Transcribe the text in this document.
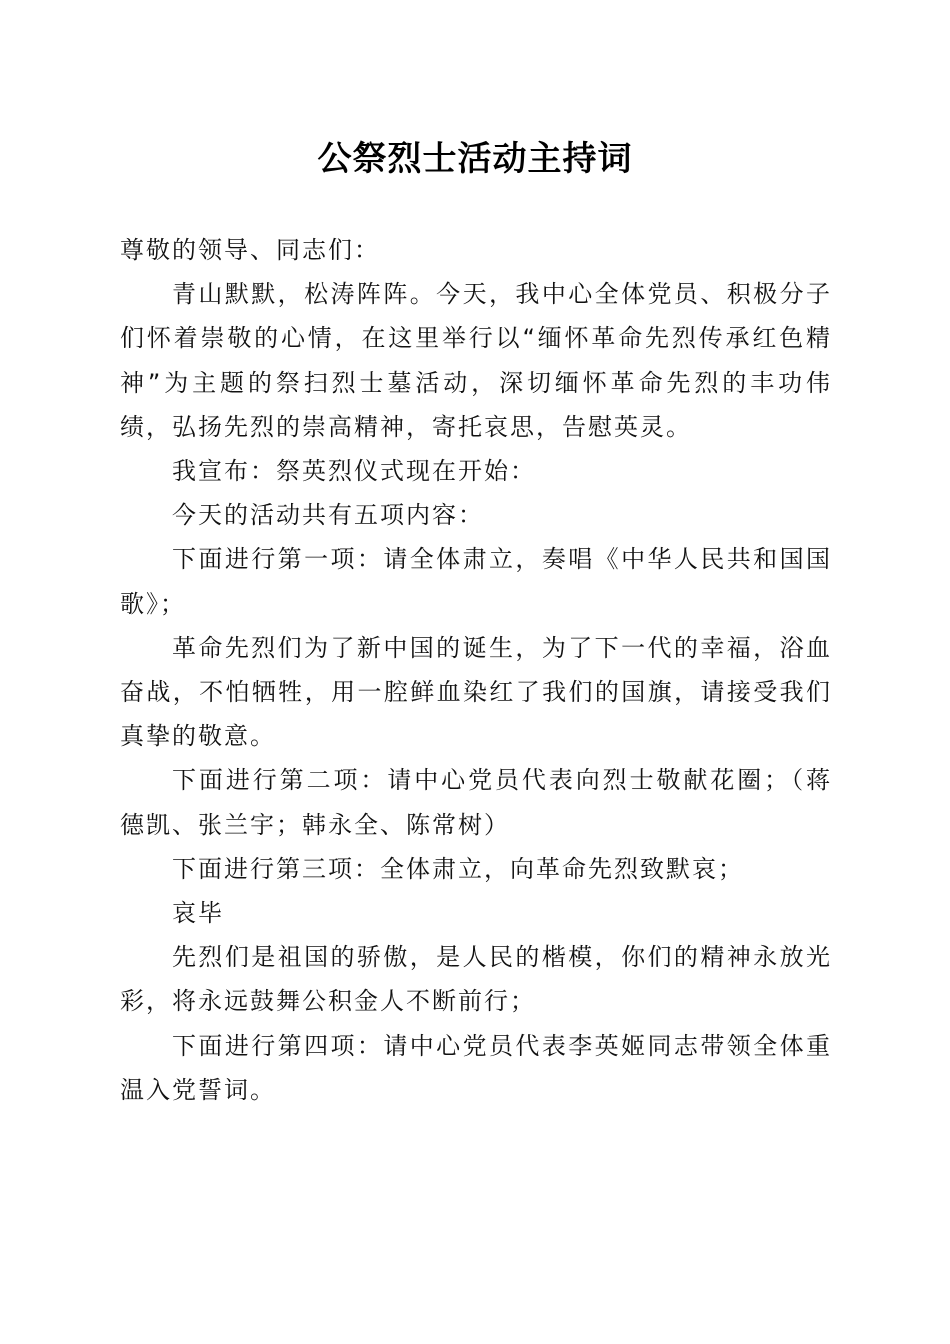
公祭烈士活动主持词

尊敬的领导、同志们：

青山默默，松涛阵阵。今天，我中心全体党员、积极分子们怀着崇敬的心情，在这里举行以“缅怀革命先烈传承红色精神”为主题的祭扫烈士墓活动，深切缅怀革命先烈的丰功伟绩，弘扬先烈的崇高精神，寄托哀思，告慰英灵。

我宣布：祭英烈仪式现在开始：

今天的活动共有五项内容：

下面进行第一项：请全体肃立，奏唱《中华人民共和国国歌》；

革命先烈们为了新中国的诞生，为了下一代的幸福，浴血奋战，不怕牺牲，用一腔鲜血染红了我们的国旗，请接受我们真挚的敬意。

下面进行第二项：请中心党员代表向烈士敬献花圈；（蒋德凯、张兰宇；韩永全、陈常树）

下面进行第三项：全体肃立，向革命先烈致默哀；

哀毕

先烈们是祖国的骄傲，是人民的楷模，你们的精神永放光彩，将永远鼓舞公积金人不断前行；

下面进行第四项：请中心党员代表李英姬同志带领全体重温入党誓词。
